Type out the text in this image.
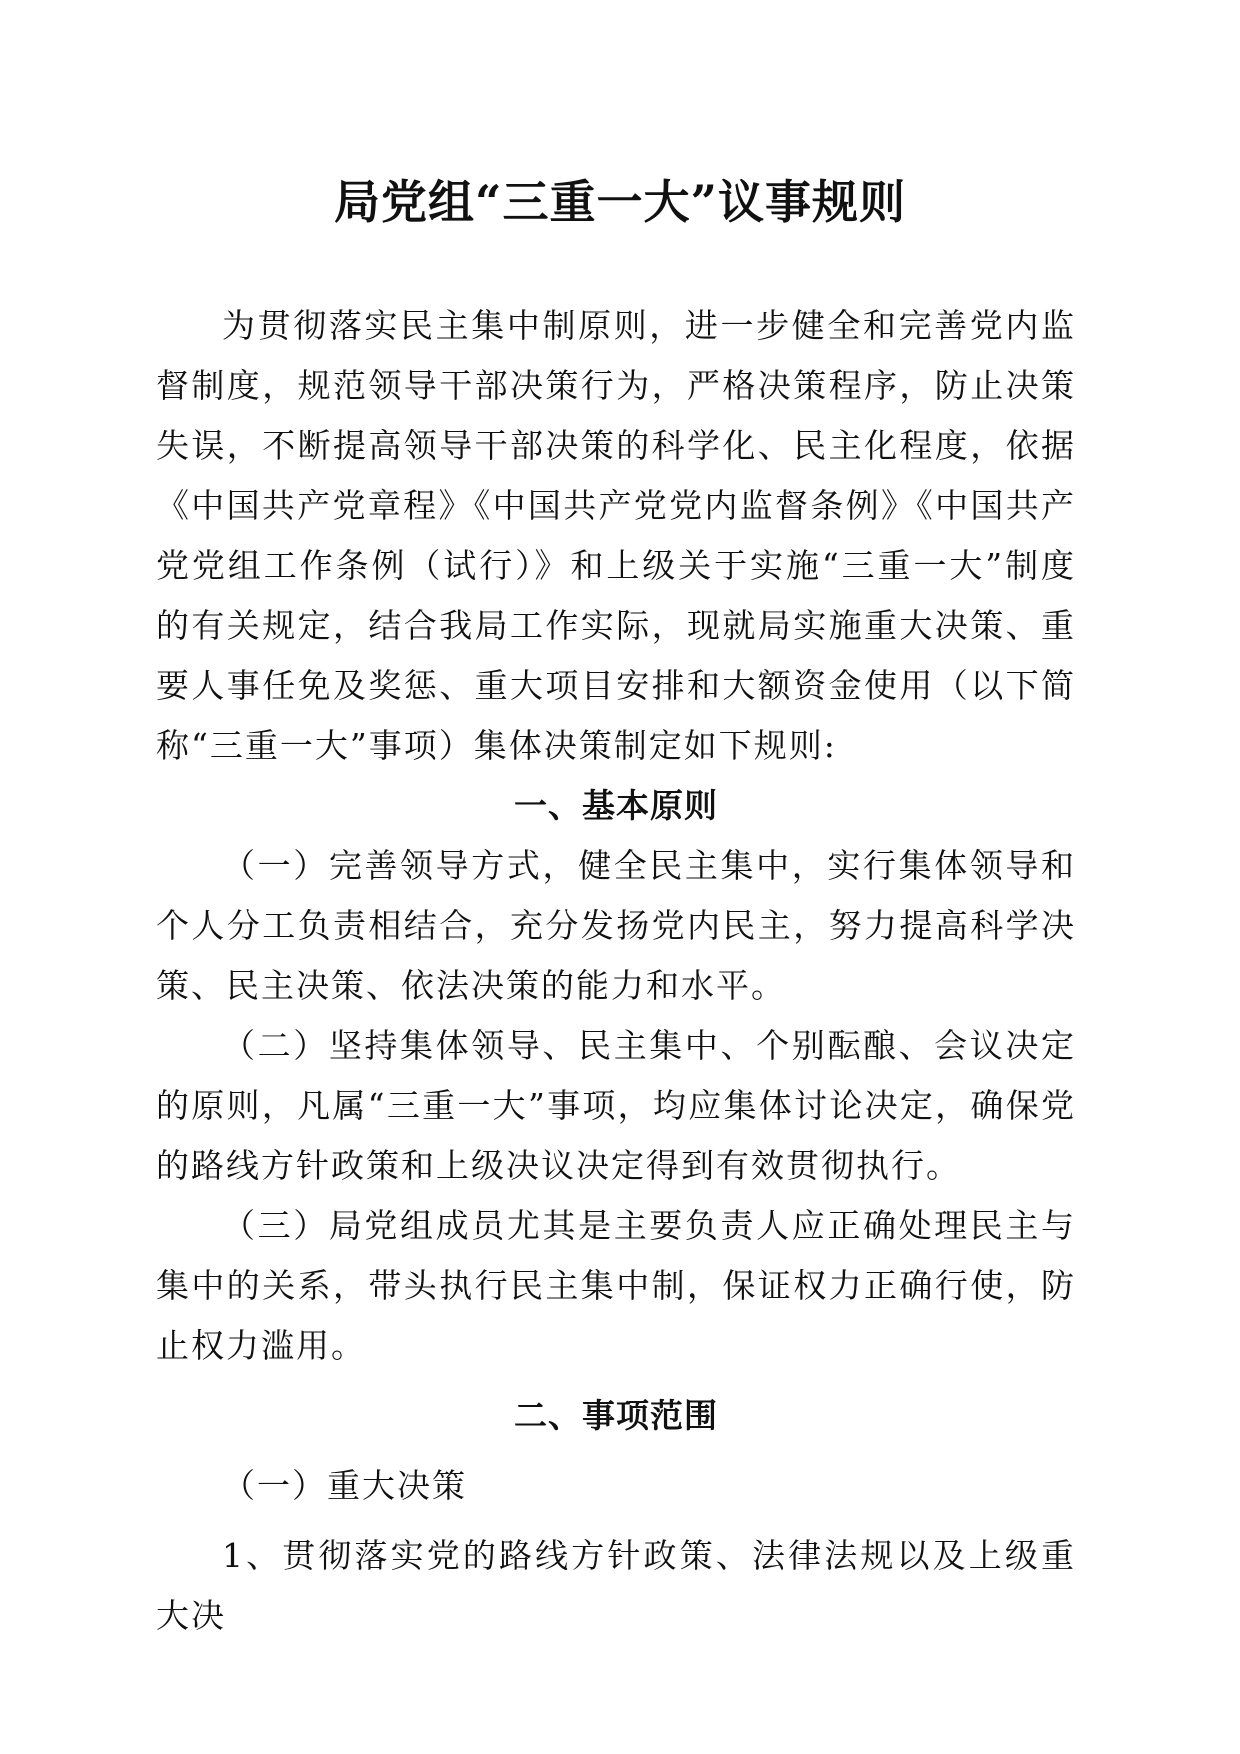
局党组“三重一大”议事规则

为贯彻落实民主集中制原则，进一步健全和完善党内监督制度，规范领导干部决策行为，严格决策程序，防止决策失误，不断提高领导干部决策的科学化、民主化程度，依据《中国共产党章程》《中国共产党党内监督条例》《中国共产党党组工作条例（试行）》和上级关于实施“三重一大”制度的有关规定，结合我局工作实际，现就局实施重大决策、重要人事任免及奖惩、重大项目安排和大额资金使用（以下简称“三重一大”事项）集体决策制定如下规则:

一、基本原则

（一）完善领导方式，健全民主集中，实行集体领导和个人分工负责相结合，充分发扬党内民主，努力提高科学决策、民主决策、依法决策的能力和水平。

（二）坚持集体领导、民主集中、个别酝酿、会议决定的原则，凡属“三重一大”事项，均应集体讨论决定，确保党的路线方针政策和上级决议决定得到有效贯彻执行。

（三）局党组成员尤其是主要负责人应正确处理民主与集中的关系，带头执行民主集中制，保证权力正确行使，防止权力滥用。

二、事项范围

（一）重大决策

1、贯彻落实党的路线方针政策、法律法规以及上级重大决
